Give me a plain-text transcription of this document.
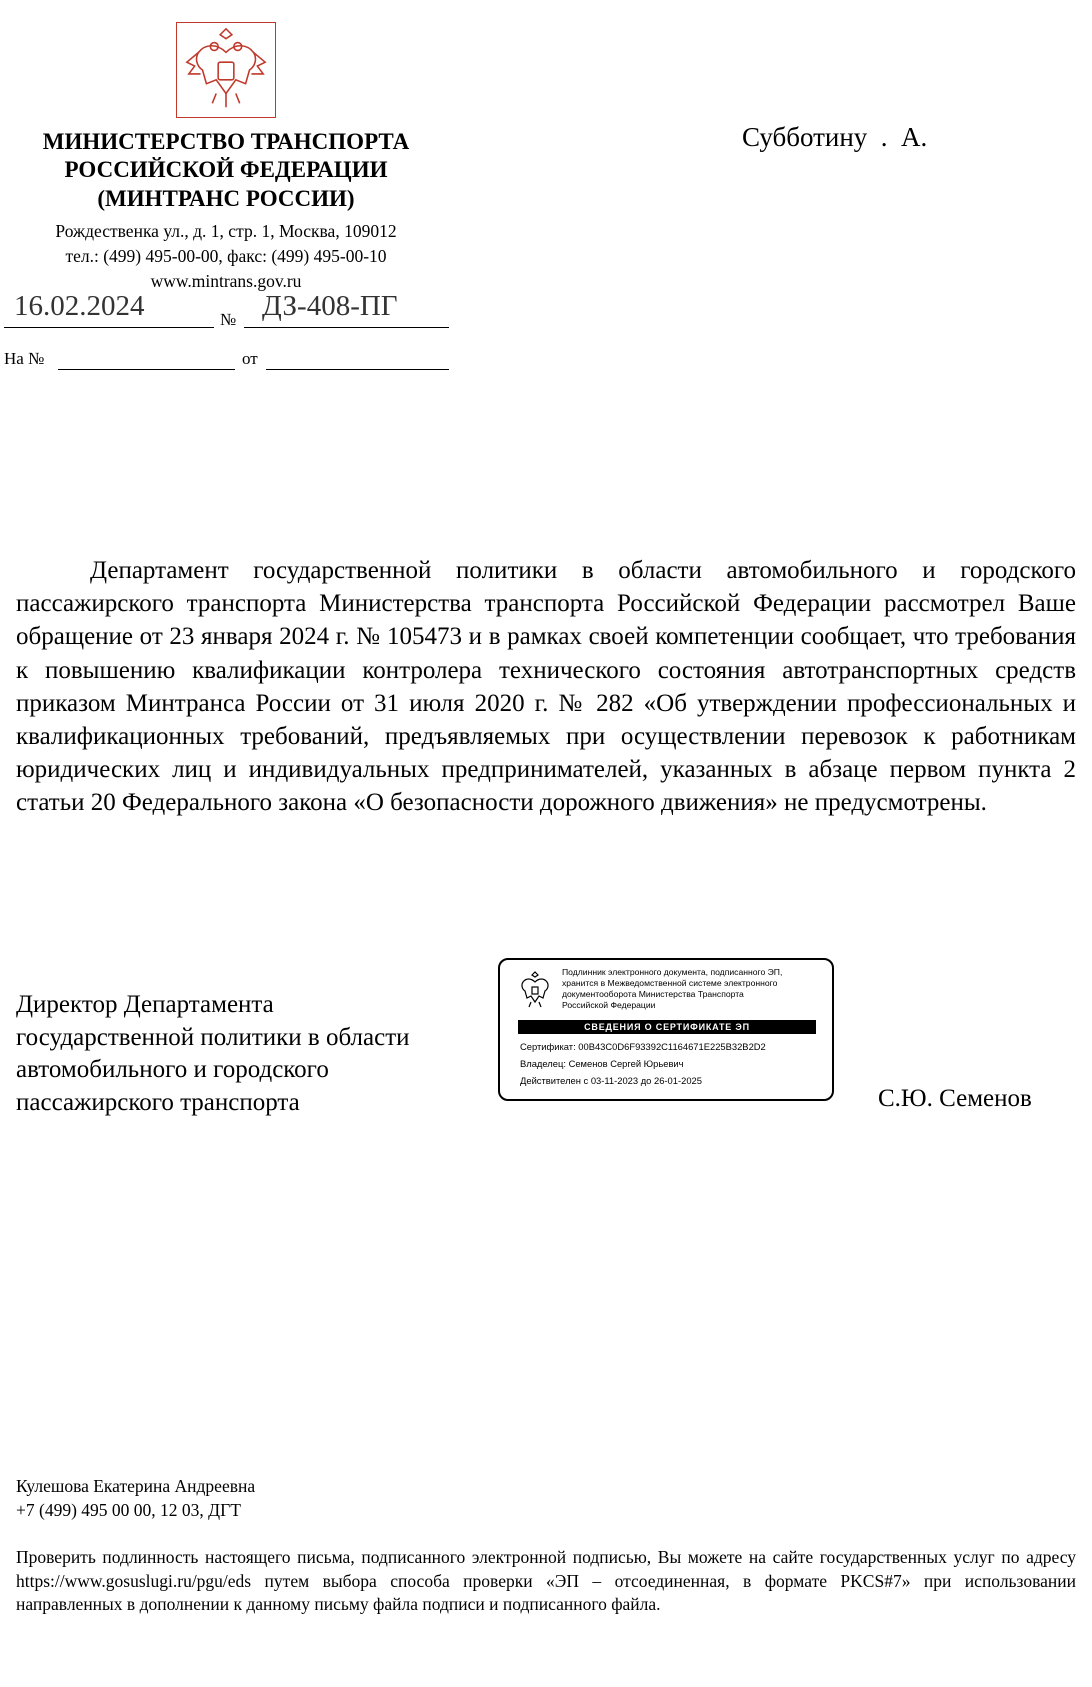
МИНИСТЕРСТВО ТРАНСПОРТА
РОССИЙСКОЙ ФЕДЕРАЦИИ
(МИНТРАНС РОССИИ)
Рождественка ул., д. 1, стр. 1, Москва, 109012
тел.: (499) 495-00-00, факс: (499) 495-00-10
www.mintrans.gov.ru
16.02.2024	№ ДЗ-408-ПГ
На №	от
Субботину  .  А.

Департамент государственной политики в области автомобильного и городского пассажирского транспорта Министерства транспорта Российской Федерации рассмотрел Ваше обращение от 23 января 2024 г. № 105473 и в рамках своей компетенции сообщает, что требования к повышению квалификации контролера технического состояния автотранспортных средств приказом Минтранса России от 31 июля 2020 г. № 282 «Об утверждении профессиональных и квалификационных требований, предъявляемых при осуществлении перевозок к работникам юридических лиц и индивидуальных предпринимателей, указанных в абзаце первом пункта 2 статьи 20 Федерального закона «О безопасности дорожного движения» не предусмотрены.

Директор Департамента
государственной политики в области
автомобильного и городского
пассажирского транспорта
Подлинник электронного документа, подписанного ЭП,
хранится в Межведомственной системе электронного
документооборота Министерства Транспорта
Российской Федерации
СВЕДЕНИЯ О СЕРТИФИКАТЕ ЭП
Сертификат: 00B43C0D6F93392C1164671E225B32B2D2
Владелец: Семенов Сергей Юрьевич
Действителен с 03-11-2023 до 26-01-2025
С.Ю. Семенов
Кулешова Екатерина Андреевна
+7 (499) 495 00 00, 12 03, ДГТ

Проверить подлинность настоящего письма, подписанного электронной подписью, Вы можете на сайте государственных услуг по адресу https://www.gosuslugi.ru/pgu/eds путем выбора способа проверки «ЭП – отсоединенная, в формате PKCS#7» при использовании направленных в дополнении к данному письму файла подписи и подписанного файла.
